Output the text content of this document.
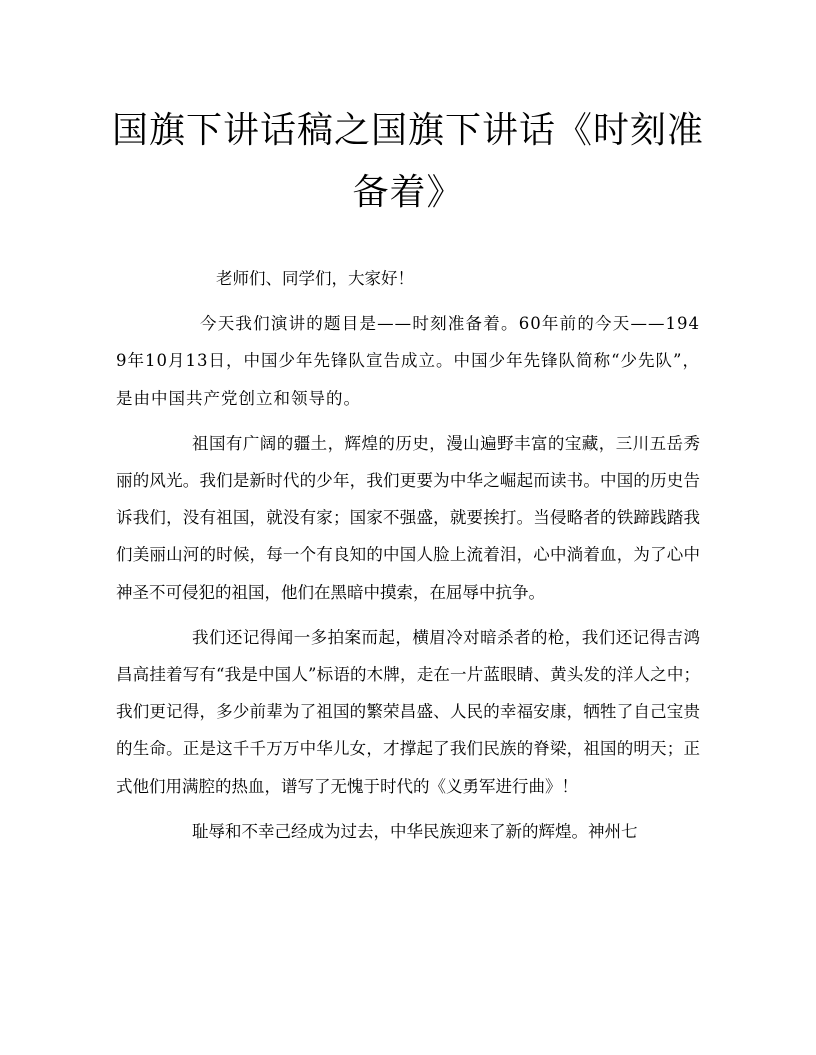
国旗下讲话稿之国旗下讲话《时刻准备着》

老师们、同学们，大家好！

今天我们演讲的题目是——时刻准备着。60年前的今天——1949年10月13日，中国少年先锋队宣告成立。中国少年先锋队简称“少先队”，是由中国共产党创立和领导的。

祖国有广阔的疆土，辉煌的历史，漫山遍野丰富的宝藏，三川五岳秀丽的风光。我们是新时代的少年，我们更要为中华之崛起而读书。中国的历史告诉我们，没有祖国，就没有家；国家不强盛，就要挨打。当侵略者的铁蹄践踏我们美丽山河的时候，每一个有良知的中国人脸上流着泪，心中淌着血，为了心中神圣不可侵犯的祖国，他们在黑暗中摸索，在屈辱中抗争。

我们还记得闻一多拍案而起，横眉冷对暗杀者的枪，我们还记得吉鸿昌高挂着写有“我是中国人”标语的木牌，走在一片蓝眼睛、黄头发的洋人之中；我们更记得，多少前辈为了祖国的繁荣昌盛、人民的幸福安康，牺牲了自己宝贵的生命。正是这千千万万中华儿女，才撑起了我们民族的脊梁，祖国的明天；正式他们用满腔的热血，谱写了无愧于时代的《义勇军进行曲》！

耻辱和不幸己经成为过去，中华民族迎来了新的辉煌。神州七
